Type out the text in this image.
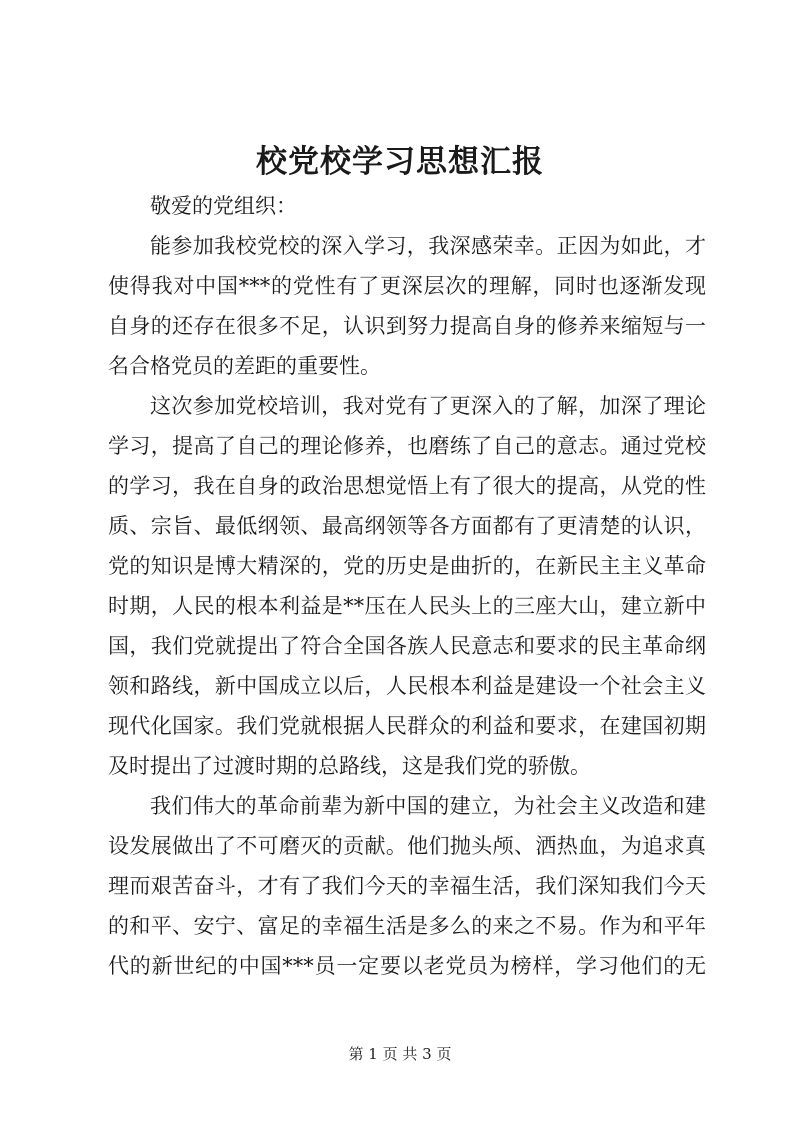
校党校学习思想汇报
敬爱的党组织：
能参加我校党校的深入学习，我深感荣幸。正因为如此，才
使得我对中国***的党性有了更深层次的理解，同时也逐渐发现
自身的还存在很多不足，认识到努力提高自身的修养来缩短与一
名合格党员的差距的重要性。
这次参加党校培训，我对党有了更深入的了解，加深了理论
学习，提高了自己的理论修养，也磨练了自己的意志。通过党校
的学习，我在自身的政治思想觉悟上有了很大的提高，从党的性
质、宗旨、最低纲领、最高纲领等各方面都有了更清楚的认识，
党的知识是博大精深的，党的历史是曲折的，在新民主主义革命
时期，人民的根本利益是**压在人民头上的三座大山，建立新中
国，我们党就提出了符合全国各族人民意志和要求的民主革命纲
领和路线，新中国成立以后，人民根本利益是建设一个社会主义
现代化国家。我们党就根据人民群众的利益和要求，在建国初期
及时提出了过渡时期的总路线，这是我们党的骄傲。
我们伟大的革命前辈为新中国的建立，为社会主义改造和建
设发展做出了不可磨灭的贡献。他们抛头颅、洒热血，为追求真
理而艰苦奋斗，才有了我们今天的幸福生活，我们深知我们今天
的和平、安宁、富足的幸福生活是多么的来之不易。作为和平年
代的新世纪的中国***员一定要以老党员为榜样，学习他们的无
第 1 页 共 3 页
